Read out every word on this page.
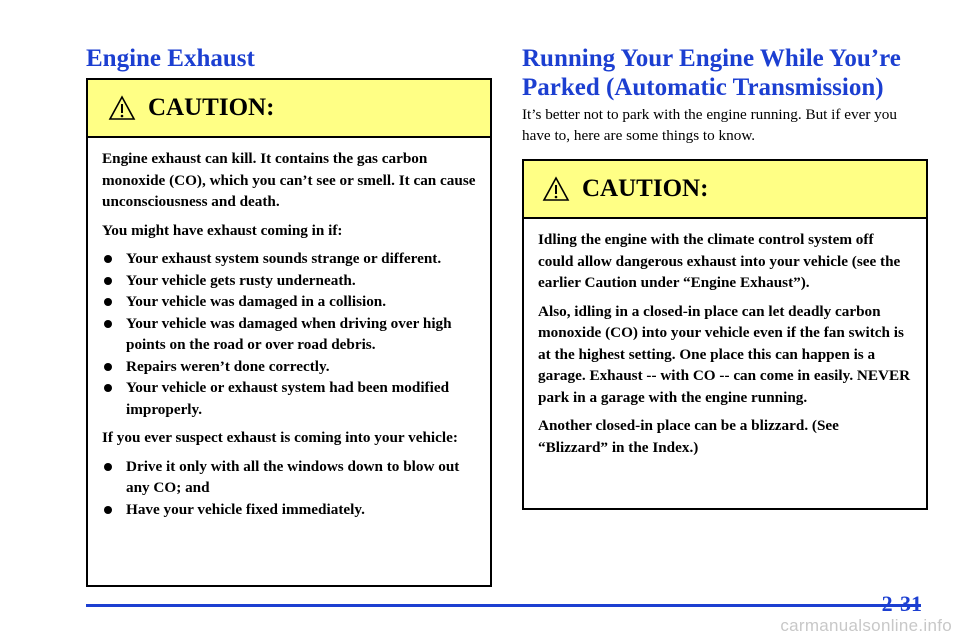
Engine Exhaust
CAUTION:

Engine exhaust can kill. It contains the gas carbon monoxide (CO), which you can’t see or smell. It can cause unconsciousness and death.

You might have exhaust coming in if:

Your exhaust system sounds strange or different.
Your vehicle gets rusty underneath.
Your vehicle was damaged in a collision.
Your vehicle was damaged when driving over high points on the road or over road debris.
Repairs weren’t done correctly.
Your vehicle or exhaust system had been modified improperly.

If you ever suspect exhaust is coming into your vehicle:

Drive it only with all the windows down to blow out any CO; and
Have your vehicle fixed immediately.
Running Your Engine While You’re Parked (Automatic Transmission)

It’s better not to park with the engine running. But if ever you have to, here are some things to know.

CAUTION:

Idling the engine with the climate control system off could allow dangerous exhaust into your vehicle (see the earlier Caution under “Engine Exhaust”).

Also, idling in a closed-in place can let deadly carbon monoxide (CO) into your vehicle even if the fan switch is at the highest setting. One place this can happen is a garage. Exhaust -- with CO -- can come in easily. NEVER park in a garage with the engine running.

Another closed-in place can be a blizzard. (See “Blizzard” in the Index.)

2-31
carmanualsonline.info
